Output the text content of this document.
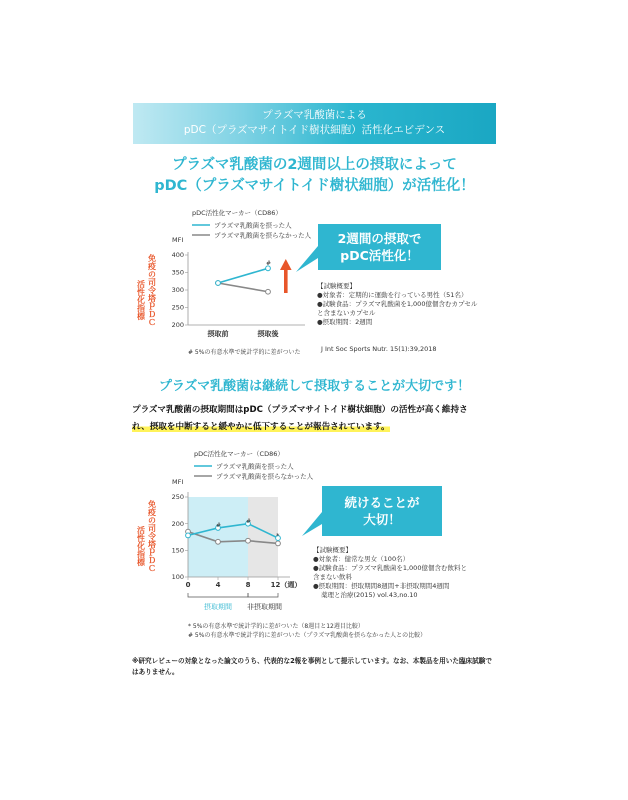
プラズマ乳酸菌による
pDC（プラズマサイトイド樹状細胞）活性化エビデンス
プラズマ乳酸菌の2週間以上の摂取によって
pDC（プラズマサイトイド樹状細胞）が活性化！
pDC活性化マーカー（CD86）
プラズマ乳酸菌を摂った人
プラズマ乳酸菌を摂らなかった人
MFI
免疫の司令塔ｐＤＣ
活性化指標
400
350
300
250
200
摂取前	摂取後
#
# 5%の有意水準で統計学的に差がついた
2週間の摂取で
pDC活性化！
【試験概要】
●対象者：定期的に運動を行っている男性（51名）
●試験食品：プラズマ乳酸菌を1,000億個含むカプセル
と含まないカプセル
●摂取期間：2週間
J Int Soc Sports Nutr. 15(1):39,2018
プラズマ乳酸菌は継続して摂取することが大切です！
プラズマ乳酸菌の摂取期間はpDC（プラズマサイトイド樹状細胞）の活性が高く維持さ
れ、摂取を中断すると緩やかに低下することが報告されています。
pDC活性化マーカー（CD86）
プラズマ乳酸菌を摂った人
プラズマ乳酸菌を摂らなかった人
MFI
免疫の司令塔ｐＤＣ
活性化指標
250
200
150
100
0	4	8	12（週）
#
#
*
摂取期間 非摂取期間
続けることが
大切！
【試験概要】
●対象者：健常な男女（100名）
●試験食品：プラズマ乳酸菌を1,000億個含む飲料と
含まない飲料
●摂取期間：摂取期間8週間+非摂取期間4週間
薬理と治療(2015) vol.43,no.10
* 5%の有意水準で統計学的に差がついた（8週目と12週目比較）
# 5%の有意水準で統計学的に差がついた（プラズマ乳酸菌を摂らなかった人との比較）
※研究レビューの対象となった論文のうち、代表的な2報を事例として提示しています。なお、本製品を用いた臨床試験で
はありません。
